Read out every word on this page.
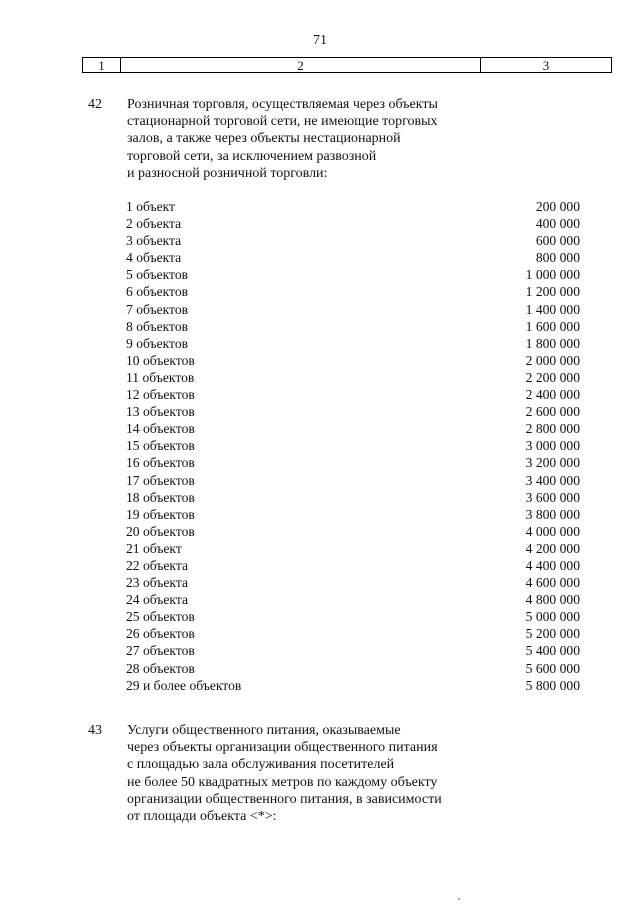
71
1	2	3
42 Розничная торговля, осуществляемая через объекты
стационарной торговой сети, не имеющие торговых
залов, а также через объекты нестационарной
торговой сети, за исключением развозной
и разносной розничной торговли:
1 объект	200 000
2 объекта	400 000
3 объекта	600 000
4 объекта	800 000
5 объектов	1 000 000
6 объектов	1 200 000
7 объектов	1 400 000
8 объектов	1 600 000
9 объектов	1 800 000
10 объектов	2 000 000
11 объектов	2 200 000
12 объектов	2 400 000
13 объектов	2 600 000
14 объектов	2 800 000
15 объектов	3 000 000
16 объектов	3 200 000
17 объектов	3 400 000
18 объектов	3 600 000
19 объектов	3 800 000
20 объектов	4 000 000
21 объект	4 200 000
22 объекта	4 400 000
23 объекта	4 600 000
24 объекта	4 800 000
25 объектов	5 000 000
26 объектов	5 200 000
27 объектов	5 400 000
28 объектов	5 600 000
29 и более объектов	5 800 000
43 Услуги общественного питания, оказываемые
через объекты организации общественного питания
с площадью зала обслуживания посетителей
не более 50 квадратных метров по каждому объекту
организации общественного питания, в зависимости
от площади объекта <*>:
